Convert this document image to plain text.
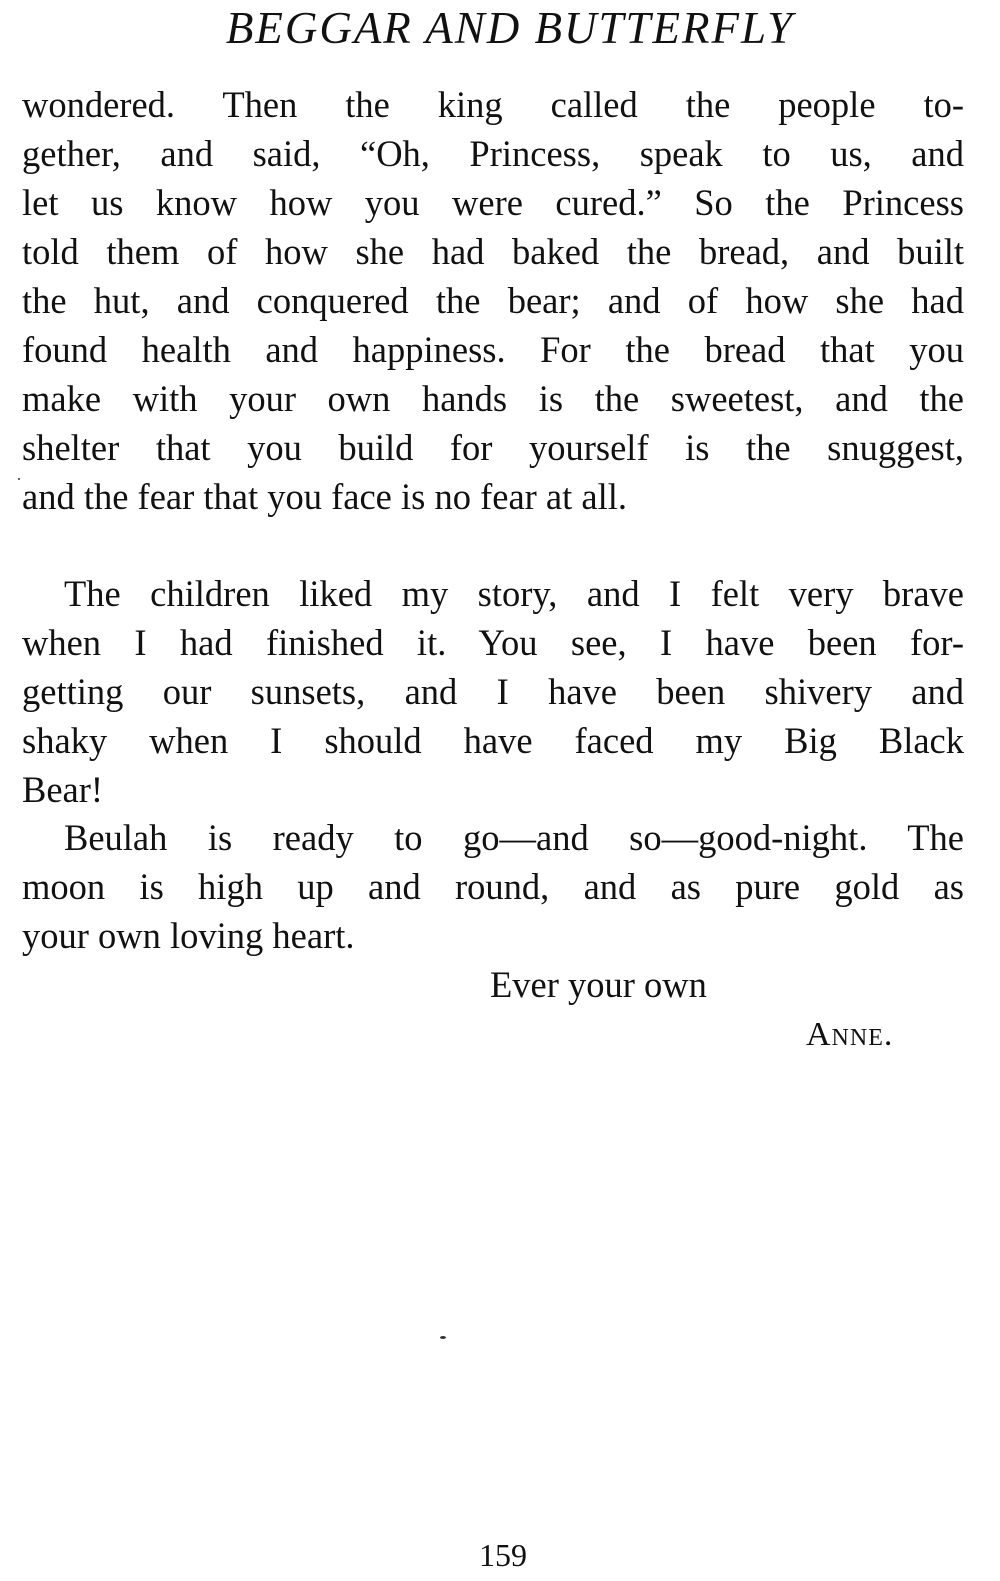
BEGGAR AND BUTTERFLY
wondered. Then the king called the people to-
gether, and said, “Oh, Princess, speak to us, and
let us know how you were cured.” So the Princess
told them of how she had baked the bread, and built
the hut, and conquered the bear; and of how she had
found health and happiness. For the bread that you
make with your own hands is the sweetest, and the
shelter that you build for yourself is the snuggest,
and the fear that you face is no fear at all.
The children liked my story, and I felt very brave
when I had finished it. You see, I have been for-
getting our sunsets, and I have been shivery and
shaky when I should have faced my Big Black
Bear!
Beulah is ready to go—and so—good-night. The
moon is high up and round, and as pure gold as
your own loving heart.
Ever your own
Anne.
159
